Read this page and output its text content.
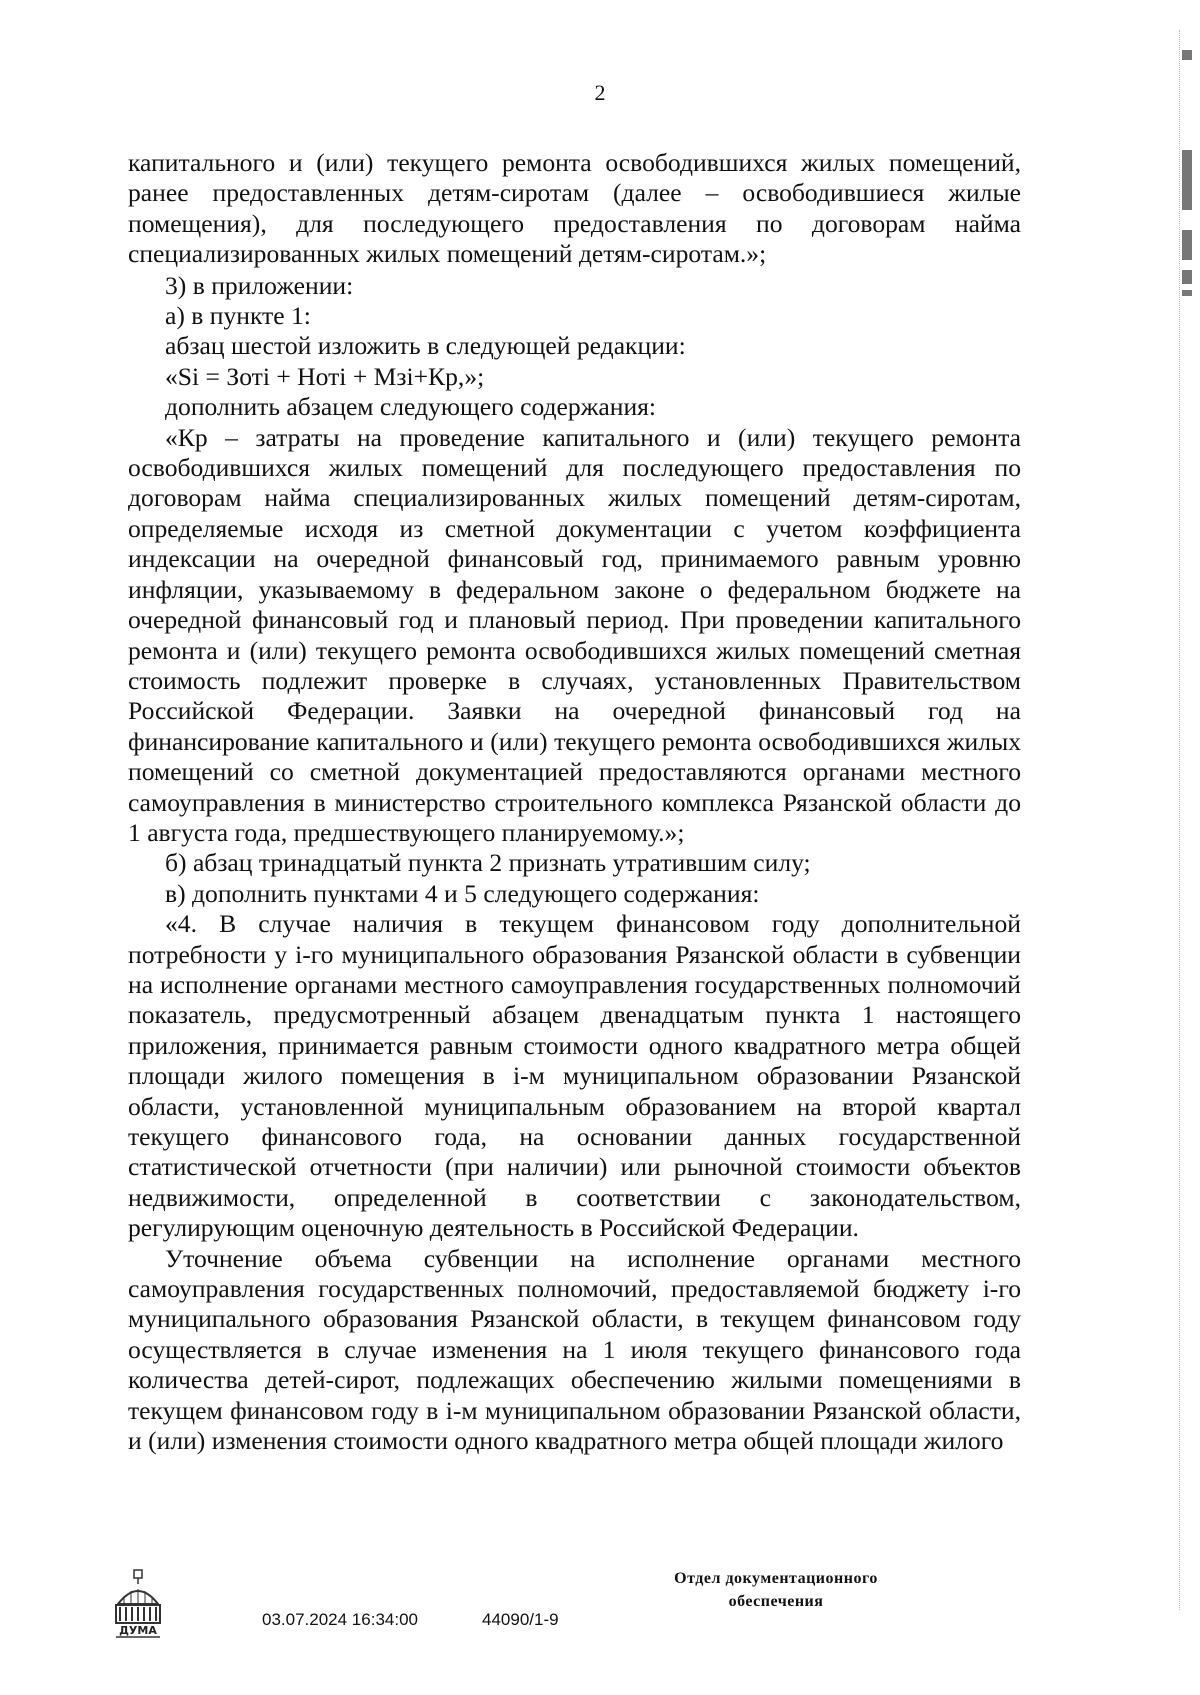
2

капитального и (или) текущего ремонта освободившихся жилых помещений, ранее предоставленных детям-сиротам (далее – освободившиеся жилые помещения), для последующего предоставления по договорам найма специализированных жилых помещений детям-сиротам.»;

3) в приложении:

а) в пункте 1:

абзац шестой изложить в следующей редакции:

«Si = Зотi + Нотi + Мзi+Кр,»;

дополнить абзацем следующего содержания:

«Кр – затраты на проведение капитального и (или) текущего ремонта освободившихся жилых помещений для последующего предоставления по договорам найма специализированных жилых помещений детям-сиротам, определяемые исходя из сметной документации с учетом коэффициента индексации на очередной финансовый год, принимаемого равным уровню инфляции, указываемому в федеральном законе о федеральном бюджете на очередной финансовый год и плановый период. При проведении капитального ремонта и (или) текущего ремонта освободившихся жилых помещений сметная стоимость подлежит проверке в случаях, установленных Правительством Российской Федерации. Заявки на очередной финансовый год на финансирование капитального и (или) текущего ремонта освободившихся жилых помещений со сметной документацией предоставляются органами местного самоуправления в министерство строительного комплекса Рязанской области до 1 августа года, предшествующего планируемому.»;

б) абзац тринадцатый пункта 2 признать утратившим силу;

в) дополнить пунктами 4 и 5 следующего содержания:

«4. В случае наличия в текущем финансовом году дополнительной потребности у i-го муниципального образования Рязанской области в субвенции на исполнение органами местного самоуправления государственных полномочий показатель, предусмотренный абзацем двенадцатым пункта 1 настоящего приложения, принимается равным стоимости одного квадратного метра общей площади жилого помещения в i-м муниципальном образовании Рязанской области, установленной муниципальным образованием на второй квартал текущего финансового года, на основании данных государственной статистической отчетности (при наличии) или рыночной стоимости объектов недвижимости, определенной в соответствии с законодательством, регулирующим оценочную деятельность в Российской Федерации.

Уточнение объема субвенции на исполнение органами местного самоуправления государственных полномочий, предоставляемой бюджету i-го муниципального образования Рязанской области, в текущем финансовом году осуществляется в случае изменения на 1 июля текущего финансового года количества детей-сирот, подлежащих обеспечению жилыми помещениями в текущем финансовом году в i-м муниципальном образовании Рязанской области, и (или) изменения стоимости одного квадратного метра общей площади жилого

ДУМА
03.07.2024 16:34:00	44090/1-9
Отдел документационного
обеспечения
